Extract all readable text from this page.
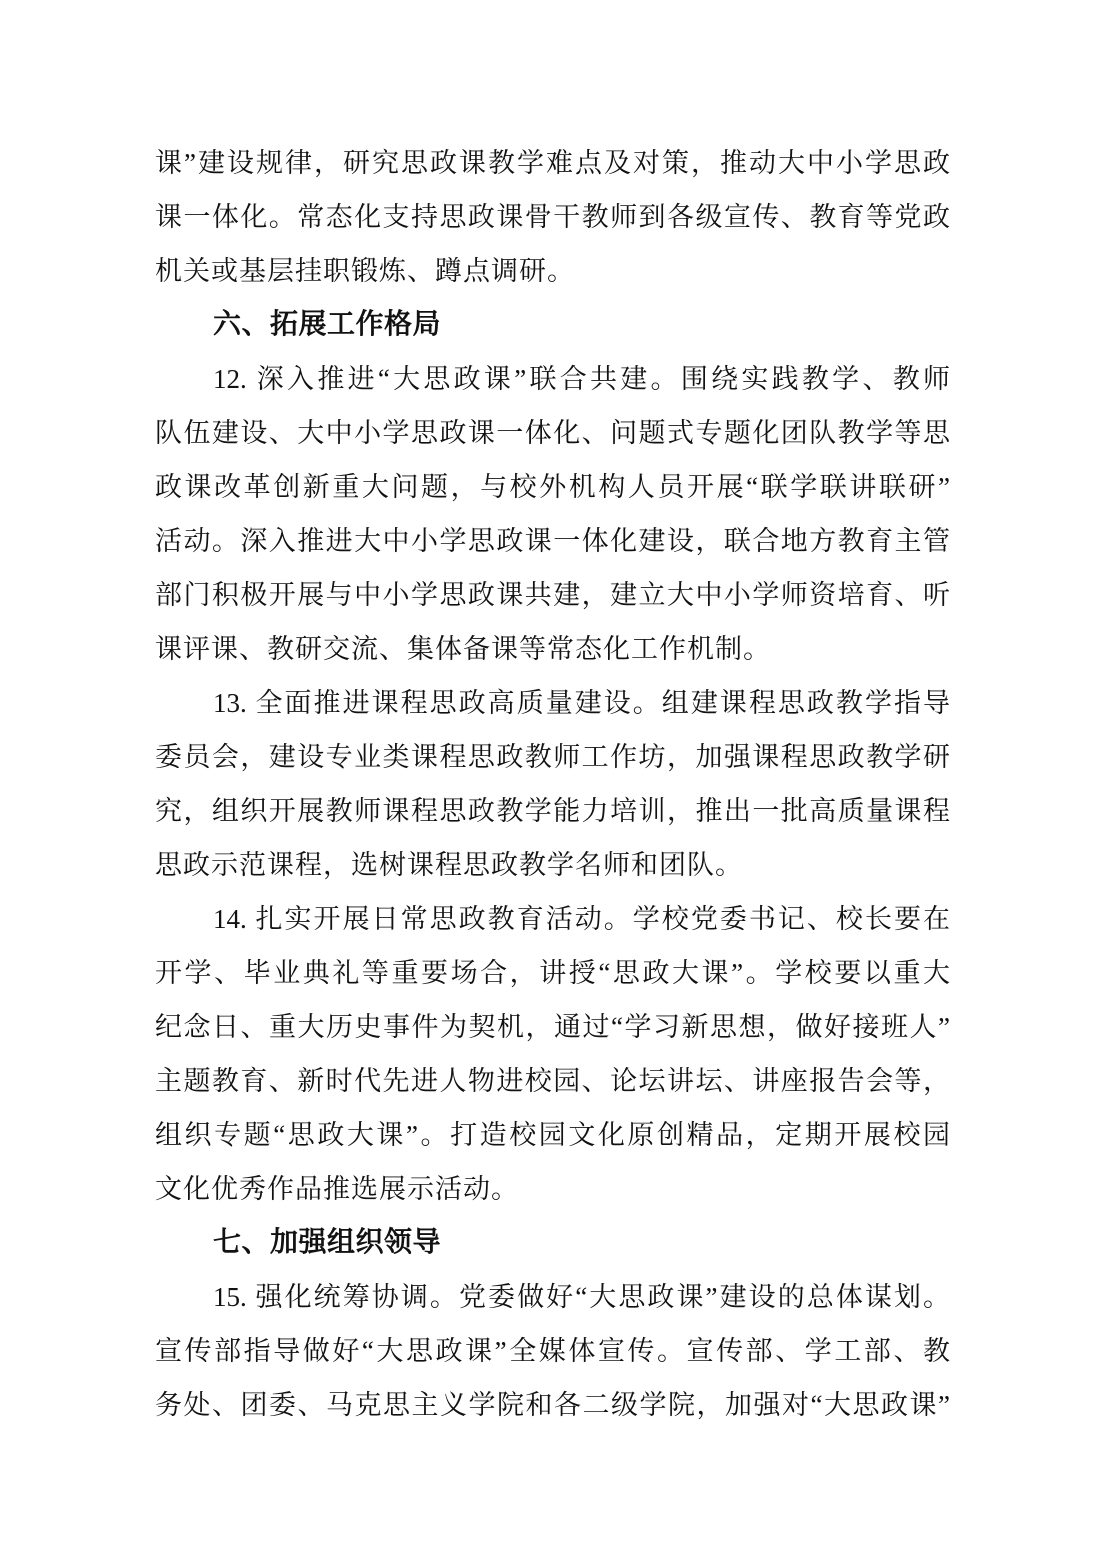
课”建设规律，研究思政课教学难点及对策，推动大中小学思政
课一体化。常态化支持思政课骨干教师到各级宣传、教育等党政
机关或基层挂职锻炼、蹲点调研。
六、拓展工作格局
12. 深入推进“大思政课”联合共建。围绕实践教学、教师
队伍建设、大中小学思政课一体化、问题式专题化团队教学等思
政课改革创新重大问题，与校外机构人员开展“联学联讲联研”
活动。深入推进大中小学思政课一体化建设，联合地方教育主管
部门积极开展与中小学思政课共建，建立大中小学师资培育、听
课评课、教研交流、集体备课等常态化工作机制。
13. 全面推进课程思政高质量建设。组建课程思政教学指导
委员会，建设专业类课程思政教师工作坊，加强课程思政教学研
究，组织开展教师课程思政教学能力培训，推出一批高质量课程
思政示范课程，选树课程思政教学名师和团队。
14. 扎实开展日常思政教育活动。学校党委书记、校长要在
开学、毕业典礼等重要场合，讲授“思政大课”。学校要以重大
纪念日、重大历史事件为契机，通过“学习新思想，做好接班人”
主题教育、新时代先进人物进校园、论坛讲坛、讲座报告会等，
组织专题“思政大课”。打造校园文化原创精品，定期开展校园
文化优秀作品推选展示活动。
七、加强组织领导
15. 强化统筹协调。党委做好“大思政课”建设的总体谋划。
宣传部指导做好“大思政课”全媒体宣传。宣传部、学工部、教
务处、团委、马克思主义学院和各二级学院，加强对“大思政课”
